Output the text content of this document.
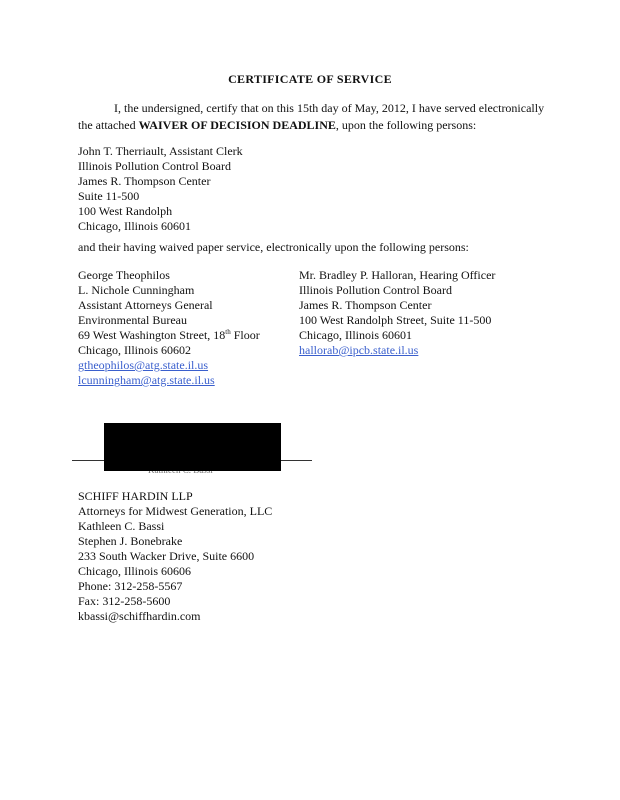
CERTIFICATE OF SERVICE
I, the undersigned, certify that on this 15th day of May, 2012, I have served electronically the attached WAIVER OF DECISION DEADLINE, upon the following persons:
John T. Therriault, Assistant Clerk
Illinois Pollution Control Board
James R. Thompson Center
Suite 11-500
100 West Randolph
Chicago, Illinois 60601
and their having waived paper service, electronically upon the following persons:
George Theophilos
L. Nichole Cunningham
Assistant Attorneys General
Environmental Bureau
69 West Washington Street, 18th Floor
Chicago, Illinois 60602
gtheophilos@atg.state.il.us
lcunningham@atg.state.il.us
Mr. Bradley P. Halloran, Hearing Officer
Illinois Pollution Control Board
James R. Thompson Center
100 West Randolph Street, Suite 11-500
Chicago, Illinois 60601
hallorab@ipcb.state.il.us
SCHIFF HARDIN LLP
Attorneys for Midwest Generation, LLC
Kathleen C. Bassi
Stephen J. Bonebrake
233 South Wacker Drive, Suite 6600
Chicago, Illinois 60606
Phone: 312-258-5567
Fax: 312-258-5600
kbassi@schiffhardin.com
